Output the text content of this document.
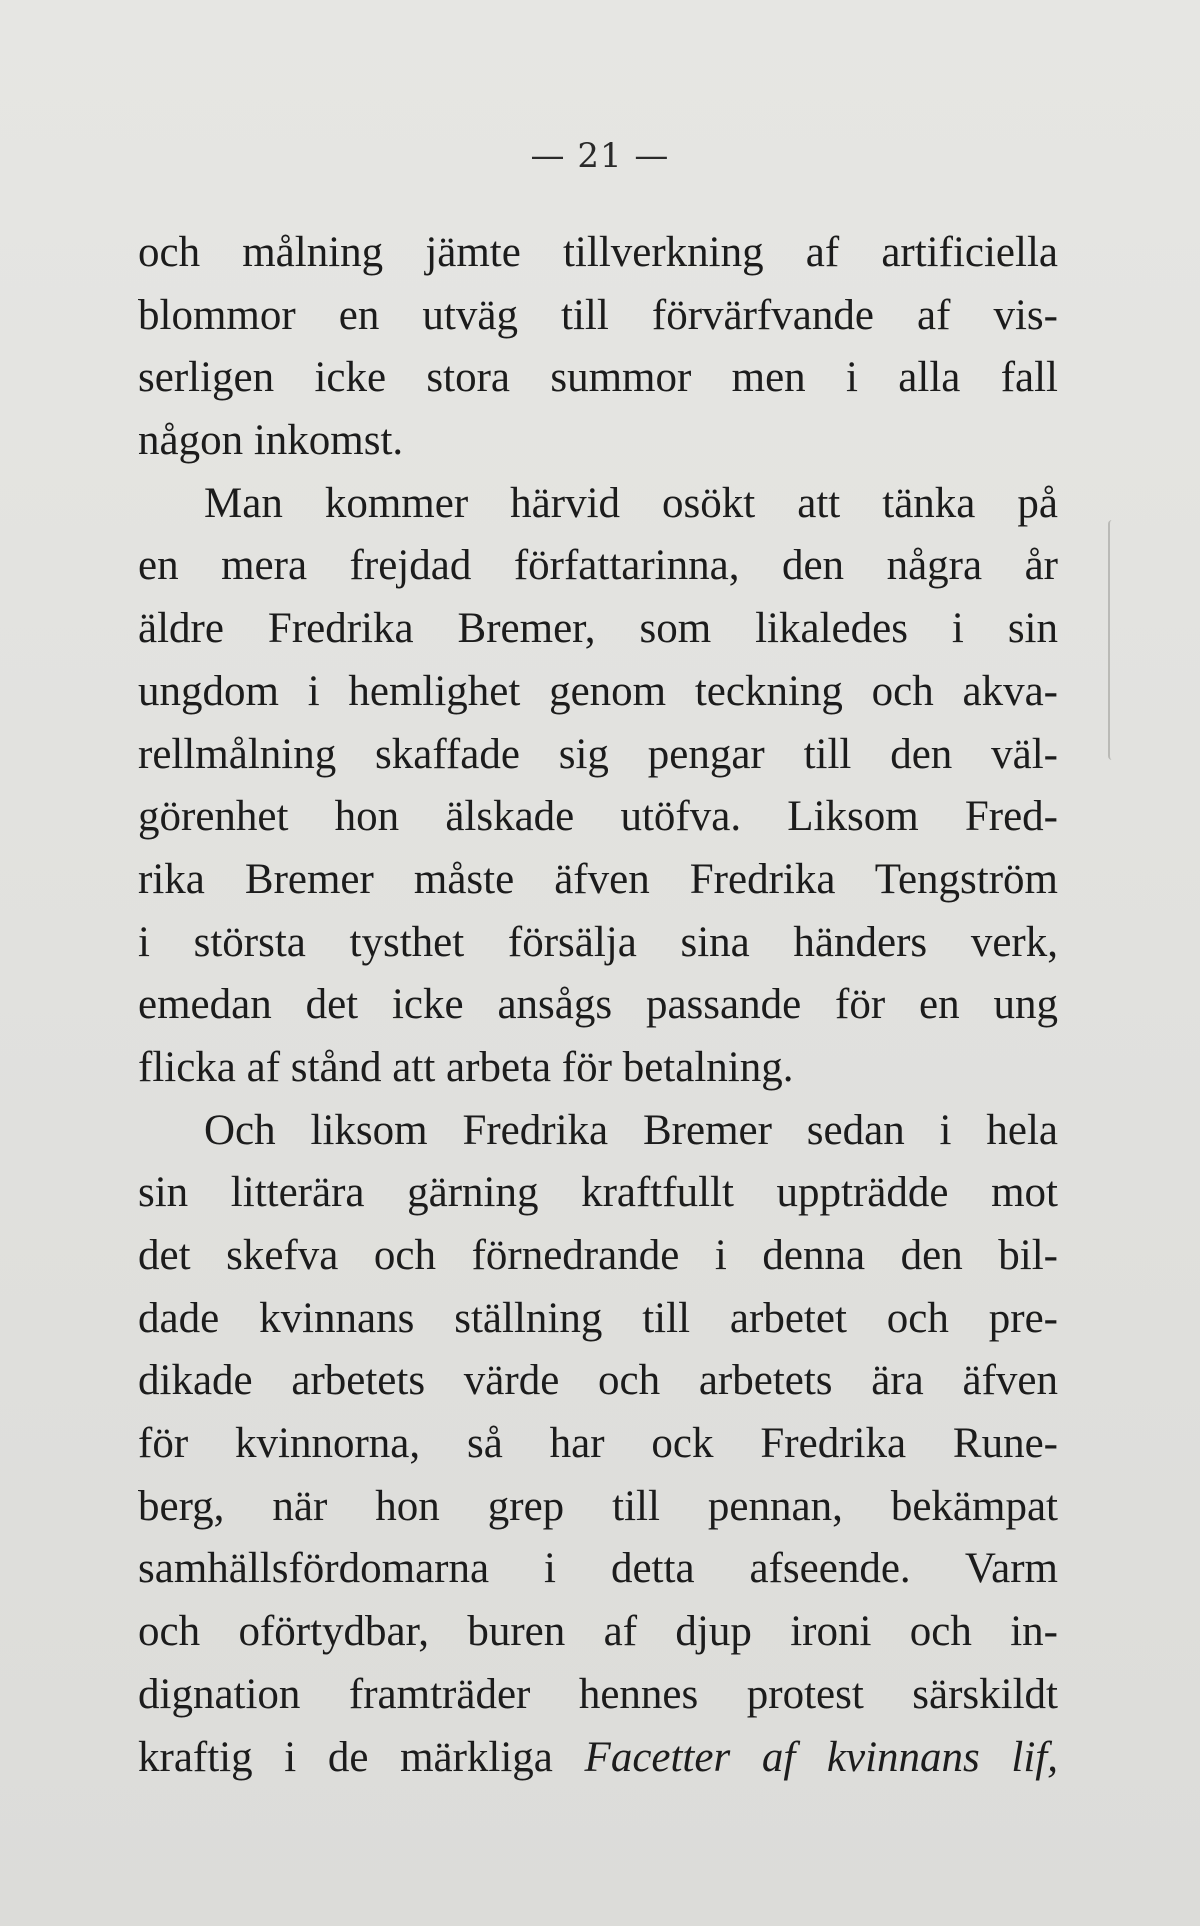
— 21 —
och målning jämte tillverkning af artificiella
blommor en utväg till förvärfvande af vis-
serligen icke stora summor men i alla fall
någon inkomst.
Man kommer härvid osökt att tänka på
en mera frejdad författarinna, den några år
äldre Fredrika Bremer, som likaledes i sin
ungdom i hemlighet genom teckning och akva-
rellmålning skaffade sig pengar till den väl-
görenhet hon älskade utöfva. Liksom Fred-
rika Bremer måste äfven Fredrika Tengström
i största tysthet försälja sina händers verk,
emedan det icke ansågs passande för en ung
flicka af stånd att arbeta för betalning.
Och liksom Fredrika Bremer sedan i hela
sin litterära gärning kraftfullt uppträdde mot
det skefva och förnedrande i denna den bil-
dade kvinnans ställning till arbetet och pre-
dikade arbetets värde och arbetets ära äfven
för kvinnorna, så har ock Fredrika Rune-
berg, när hon grep till pennan, bekämpat
samhällsfördomarna i detta afseende. Varm
och oförtydbar, buren af djup ironi och in-
dignation framträder hennes protest särskildt
kraftig i de märkliga Facetter af kvinnans lif,
